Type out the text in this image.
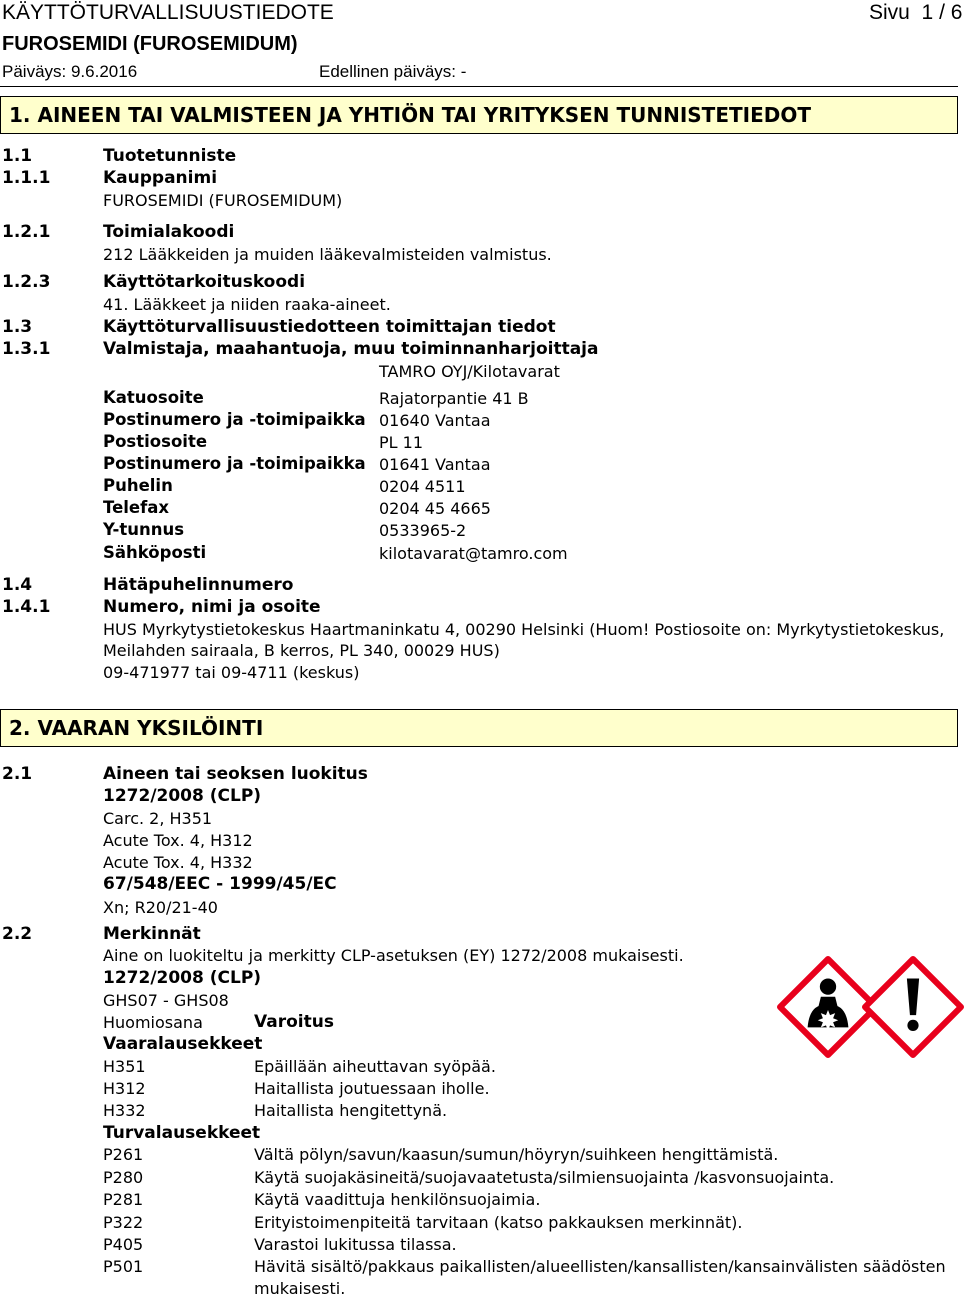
KÄYTTÖTURVALLISUUSTIEDOTE	Sivu 1 / 6
FUROSEMIDI (FUROSEMIDUM)
Päiväys: 9.6.2016	Edellinen päiväys: -
1. AINEEN TAI VALMISTEEN JA YHTIÖN TAI YRITYKSEN TUNNISTETIEDOT
1.1	Tuotetunniste
1.1.1	Kauppanimi
FUROSEMIDI (FUROSEMIDUM)
1.2.1	Toimialakoodi
212 Lääkkeiden ja muiden lääkevalmisteiden valmistus.
1.2.3	Käyttötarkoituskoodi
41. Lääkkeet ja niiden raaka-aineet.
1.3	Käyttöturvallisuustiedotteen toimittajan tiedot
1.3.1	Valmistaja, maahantuoja, muu toiminnanharjoittaja
TAMRO OYJ/Kilotavarat
Katuosoite	Rajatorpantie 41 B
Postinumero ja -toimipaikka 01640 Vantaa
Postiosoite	PL 11
Postinumero ja -toimipaikka 01641 Vantaa
Puhelin	0204 4511
Telefax	0204 45 4665
Y-tunnus	0533965-2
Sähköposti	kilotavarat@tamro.com
1.4	Hätäpuhelinnumero
1.4.1	Numero, nimi ja osoite
HUS Myrkytystietokeskus Haartmaninkatu 4, 00290 Helsinki (Huom! Postiosoite on: Myrkytystietokeskus,
Meilahden sairaala, B kerros, PL 340, 00029 HUS)
09-471977 tai 09-4711 (keskus)
2. VAARAN YKSILÖINTI
2.1	Aineen tai seoksen luokitus
1272/2008 (CLP)
Carc. 2, H351
Acute Tox. 4, H312
Acute Tox. 4, H332
67/548/EEC - 1999/45/EC
Xn; R20/21-40
2.2	Merkinnät
Aine on luokiteltu ja merkitty CLP-asetuksen (EY) 1272/2008 mukaisesti.
1272/2008 (CLP)
GHS07 - GHS08
Huomiosana	Varoitus
Vaaralausekkeet
H351	Epäillään aiheuttavan syöpää.
H312	Haitallista joutuessaan iholle.
H332	Haitallista hengitettynä.
Turvalausekkeet
P261	Vältä pölyn/savun/kaasun/sumun/höyryn/suihkeen hengittämistä.
P280	Käytä suojakäsineitä/suojavaatetusta/silmiensuojainta /kasvonsuojainta.
P281	Käytä vaadittuja henkilönsuojaimia.
P322	Erityistoimenpiteitä tarvitaan (katso pakkauksen merkinnät).
P405	Varastoi lukitussa tilassa.
P501	Hävitä sisältö/pakkaus paikallisten/alueellisten/kansallisten/kansainvälisten säädösten
mukaisesti.
